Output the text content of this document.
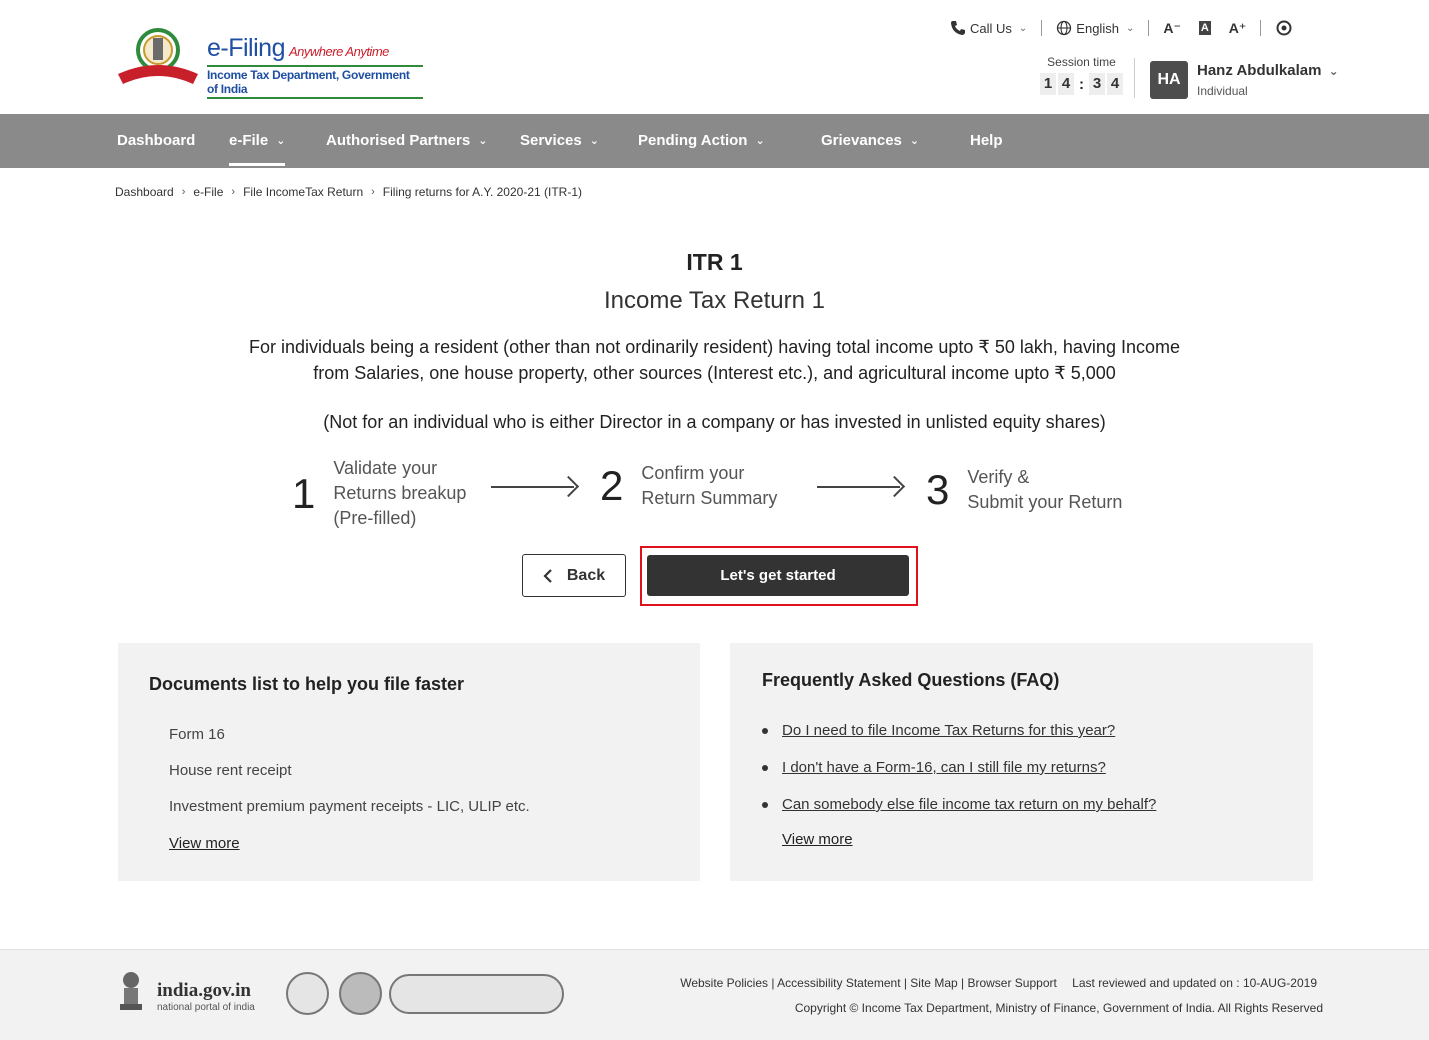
e-Filing Anywhere Anytime
Income Tax Department, Government of India
Call Us ⌄	English ⌄ A⁻ A A⁺
Session time
1 4 : 3 4	HA
Hanz Abdulkalam ⌄
Individual
Dashboard e-File ⌄	Authorised Partners ⌄ Services ⌄	Pending Action ⌄	Grievances ⌄	Help
Dashboard › e-File › File IncomeTax Return › Filing returns for A.Y. 2020-21 (ITR-1)
ITR 1
Income Tax Return 1
For individuals being a resident (other than not ordinarily resident) having total income upto ₹ 50 lakh, having Income
from Salaries, one house property, other sources (Interest etc.), and agricultural income upto ₹ 5,000
(Not for an individual who is either Director in a company or has invested in unlisted equity shares)
1
Validate your
Returns breakup
(Pre-filled)
2 Confirm your
Return Summary	3 Verify &
Submit your Return
Back	Let's get started
Documents list to help you file faster
Form 16
House rent receipt
Investment premium payment receipts - LIC, ULIP etc.
View more
Frequently Asked Questions (FAQ)
Do I need to file Income Tax Returns for this year?
I don't have a Form-16, can I still file my returns?
Can somebody else file income tax return on my behalf?
View more
india.gov.in
national portal of india
Website Policies | Accessibility Statement | Site Map | Browser Support Last reviewed and updated on : 10-AUG-2019
Copyright © Income Tax Department, Ministry of Finance, Government of India. All Rights Reserved
